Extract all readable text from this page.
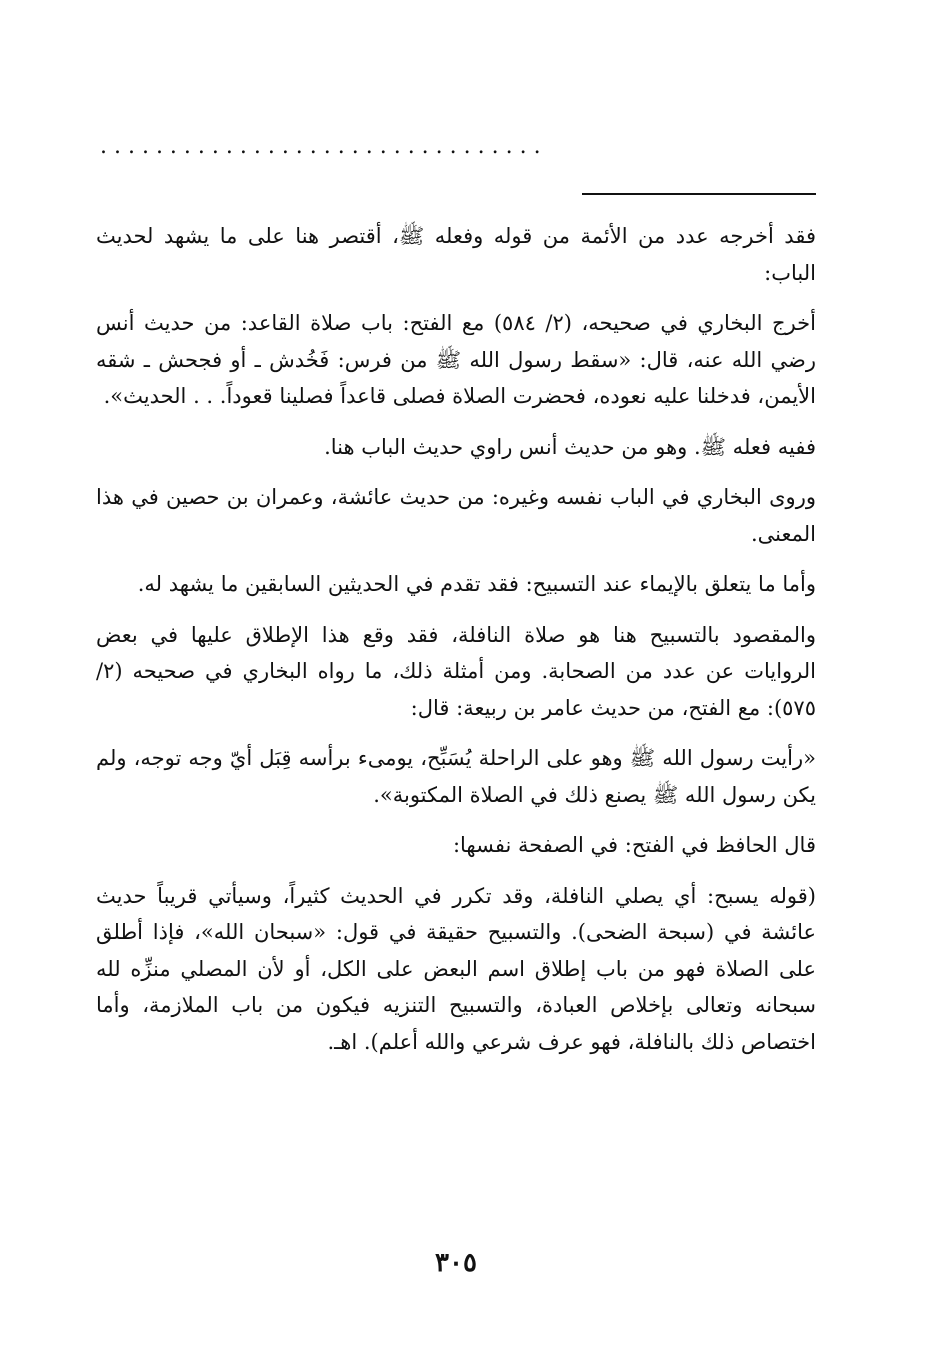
. . . . . . . . . . . . . . . . . . . . . . . . . . . . . . . .

فقد أخرجه عدد من الأئمة من قوله وفعله ﷺ، أقتصر هنا على ما يشهد لحديث الباب:

أخرج البخاري في صحيحه، (٢/ ٥٨٤) مع الفتح: باب صلاة القاعد: من حديث أنس رضي الله عنه، قال: «سقط رسول الله ﷺ من فرس: فَخُدش ـ أو فجحش ـ شقه الأيمن، فدخلنا عليه نعوده، فحضرت الصلاة فصلى قاعداً فصلينا قعوداً. . . الحديث».

ففيه فعله ﷺ. وهو من حديث أنس راوي حديث الباب هنا.

وروى البخاري في الباب نفسه وغيره: من حديث عائشة، وعمران بن حصين في هذا المعنى.

وأما ما يتعلق بالإيماء عند التسبيح: فقد تقدم في الحديثين السابقين ما يشهد له.

والمقصود بالتسبيح هنا هو صلاة النافلة، فقد وقع هذا الإطلاق عليها في بعض الروايات عن عدد من الصحابة. ومن أمثلة ذلك، ما رواه البخاري في صحيحه (٢/ ٥٧٥): مع الفتح، من حديث عامر بن ربيعة: قال:

«رأيت رسول الله ﷺ وهو على الراحلة يُسَبِّح، يومىء برأسه قِبَل أيّ وجه توجه، ولم يكن رسول الله ﷺ يصنع ذلك في الصلاة المكتوبة».

قال الحافظ في الفتح: في الصفحة نفسها:

(قوله يسبح: أي يصلي النافلة، وقد تكرر في الحديث كثيراً، وسيأتي قريباً حديث عائشة في (سبحة الضحى). والتسبيح حقيقة في قول: «سبحان الله»، فإذا أطلق على الصلاة فهو من باب إطلاق اسم البعض على الكل، أو لأن المصلي منزِّه لله سبحانه وتعالى بإخلاص العبادة، والتسبيح التنزيه فيكون من باب الملازمة، وأما اختصاص ذلك بالنافلة، فهو عرف شرعي والله أعلم). اهـ.

٣٠٥
